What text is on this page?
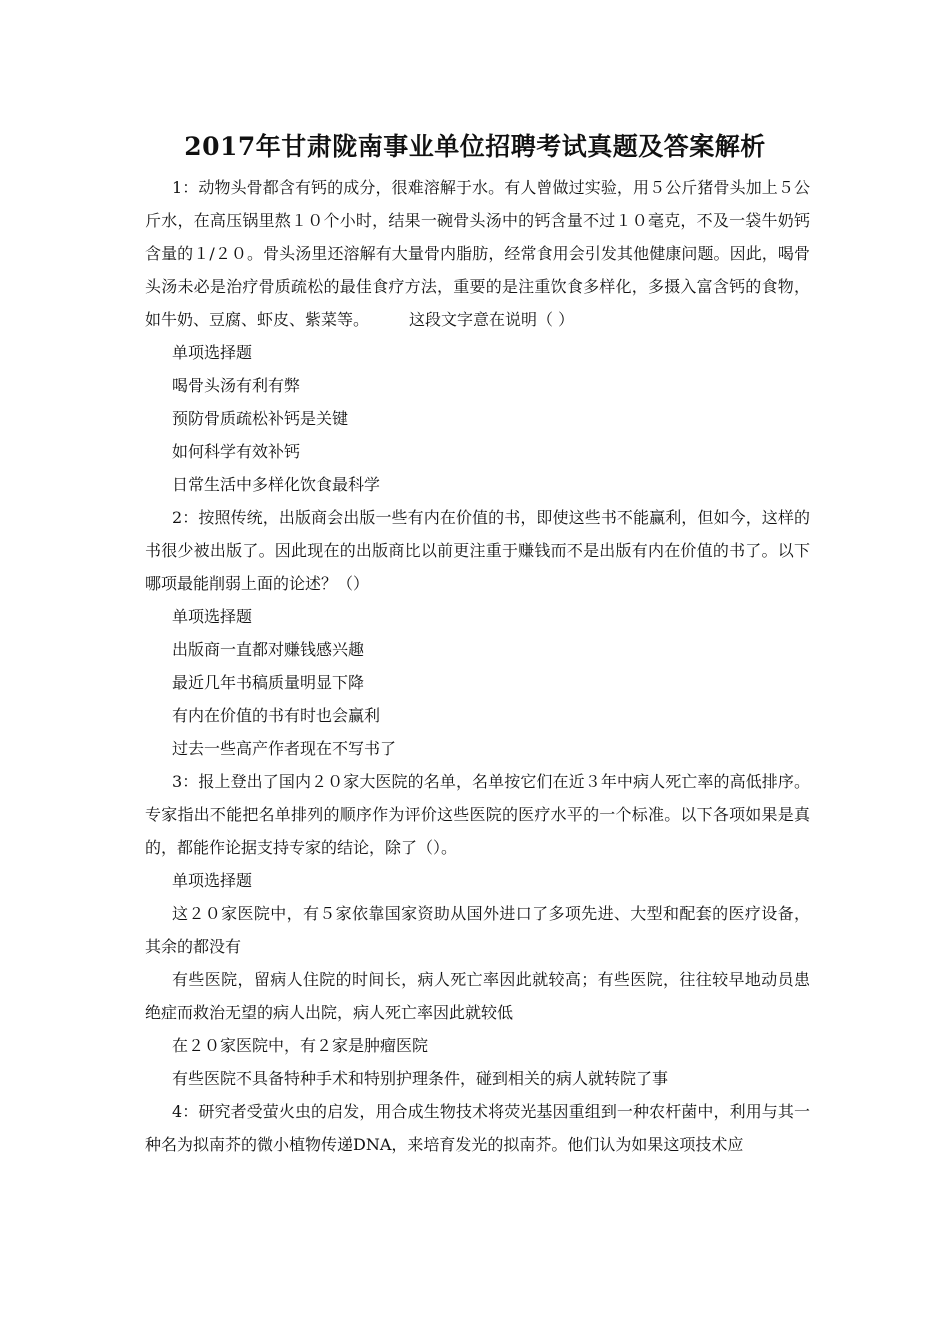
2017年甘肃陇南事业单位招聘考试真题及答案解析

1：动物头骨都含有钙的成分，很难溶解于水。有人曾做过实验，用５公斤猪骨头加上５公斤水，在高压锅里熬１０个小时，结果一碗骨头汤中的钙含量不过１０毫克，不及一袋牛奶钙含量的１/２０。骨头汤里还溶解有大量骨内脂肪，经常食用会引发其他健康问题。因此，喝骨头汤未必是治疗骨质疏松的最佳食疗方法，重要的是注重饮食多样化，多摄入富含钙的食物，如牛奶、豆腐、虾皮、紫菜等。	这段文字意在说明（ ）

单项选择题

喝骨头汤有利有弊

预防骨质疏松补钙是关键

如何科学有效补钙

日常生活中多样化饮食最科学

2：按照传统，出版商会出版一些有内在价值的书，即使这些书不能赢利，但如今，这样的书很少被出版了。因此现在的出版商比以前更注重于赚钱而不是出版有内在价值的书了。以下哪项最能削弱上面的论述？（）

单项选择题

出版商一直都对赚钱感兴趣

最近几年书稿质量明显下降

有内在价值的书有时也会赢利

过去一些高产作者现在不写书了

3：报上登出了国内２０家大医院的名单，名单按它们在近３年中病人死亡率的高低排序。专家指出不能把名单排列的顺序作为评价这些医院的医疗水平的一个标准。以下各项如果是真的，都能作论据支持专家的结论，除了（）。

单项选择题

这２０家医院中，有５家依靠国家资助从国外进口了多项先进、大型和配套的医疗设备，其余的都没有

有些医院，留病人住院的时间长，病人死亡率因此就较高；有些医院，往往较早地动员患绝症而救治无望的病人出院，病人死亡率因此就较低

在２０家医院中，有２家是肿瘤医院

有些医院不具备特种手术和特别护理条件，碰到相关的病人就转院了事

4：研究者受萤火虫的启发，用合成生物技术将荧光基因重组到一种农杆菌中，利用与其一种名为拟南芥的微小植物传递DNA，来培育发光的拟南芥。他们认为如果这项技术应
